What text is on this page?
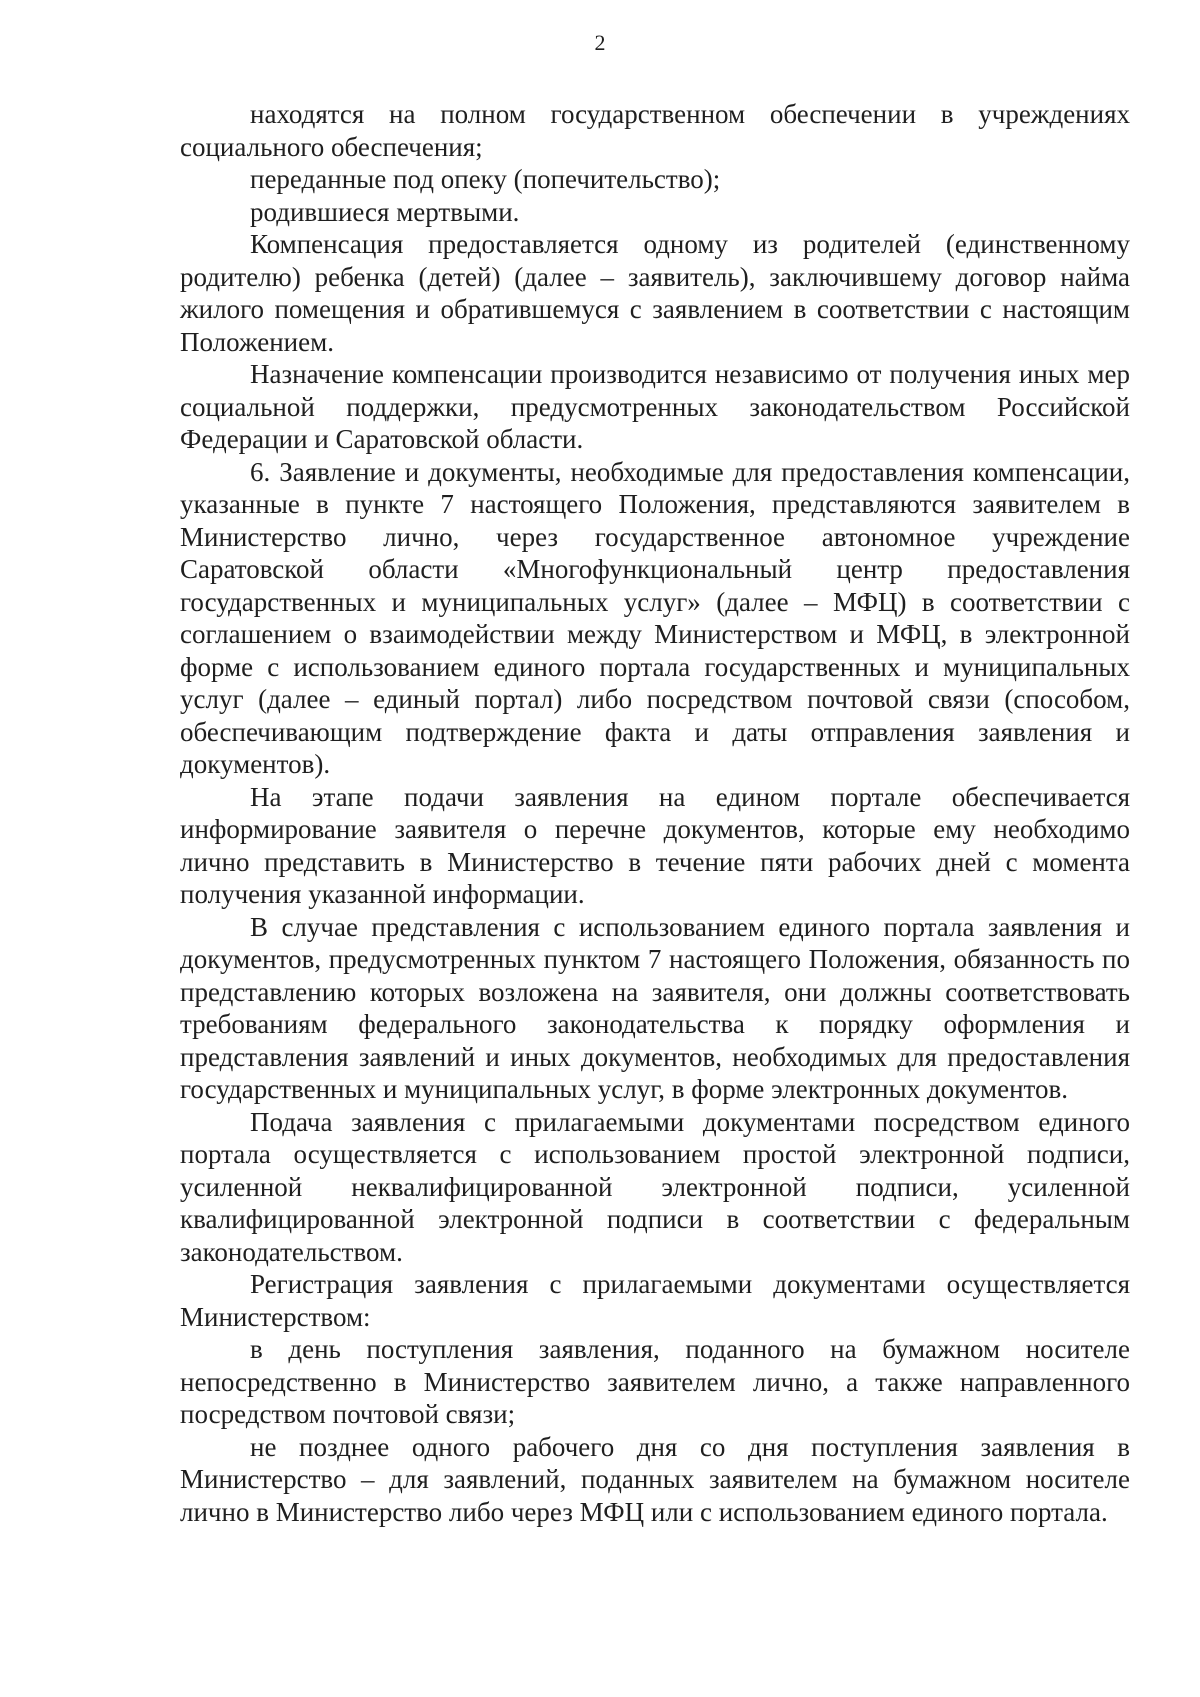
2

находятся на полном государственном обеспечении в учреждениях социального обеспечения;

переданные под опеку (попечительство);

родившиеся мертвыми.

Компенсация предоставляется одному из родителей (единственному родителю) ребенка (детей) (далее – заявитель), заключившему договор найма жилого помещения и обратившемуся с заявлением в соответствии с настоящим Положением.

Назначение компенсации производится независимо от получения иных мер социальной поддержки, предусмотренных законодательством Российской Федерации и Саратовской области.

6. Заявление и документы, необходимые для предоставления компенсации, указанные в пункте 7 настоящего Положения, представляются заявителем в Министерство лично, через государственное автономное учреждение Саратовской области «Многофункциональный центр предоставления государственных и муниципальных услуг» (далее – МФЦ) в соответствии с соглашением о взаимодействии между Министерством и МФЦ, в электронной форме с использованием единого портала государственных и муниципальных услуг (далее – единый портал) либо посредством почтовой связи (способом, обеспечивающим подтверждение факта и даты отправления заявления и документов).

На этапе подачи заявления на едином портале обеспечивается информирование заявителя о перечне документов, которые ему необходимо лично представить в Министерство в течение пяти рабочих дней с момента получения указанной информации.

В случае представления с использованием единого портала заявления и документов, предусмотренных пунктом 7 настоящего Положения, обязанность по представлению которых возложена на заявителя, они должны соответствовать требованиям федерального законодательства к порядку оформления и представления заявлений и иных документов, необходимых для предоставления государственных и муниципальных услуг, в форме электронных документов.

Подача заявления с прилагаемыми документами посредством единого портала осуществляется с использованием простой электронной подписи, усиленной неквалифицированной электронной подписи, усиленной квалифицированной электронной подписи в соответствии с федеральным законодательством.

Регистрация заявления с прилагаемыми документами осуществляется Министерством:

в день поступления заявления, поданного на бумажном носителе непосредственно в Министерство заявителем лично, а также направленного посредством почтовой связи;

не позднее одного рабочего дня со дня поступления заявления в Министерство – для заявлений, поданных заявителем на бумажном носителе лично в Министерство либо через МФЦ или с использованием единого портала.
